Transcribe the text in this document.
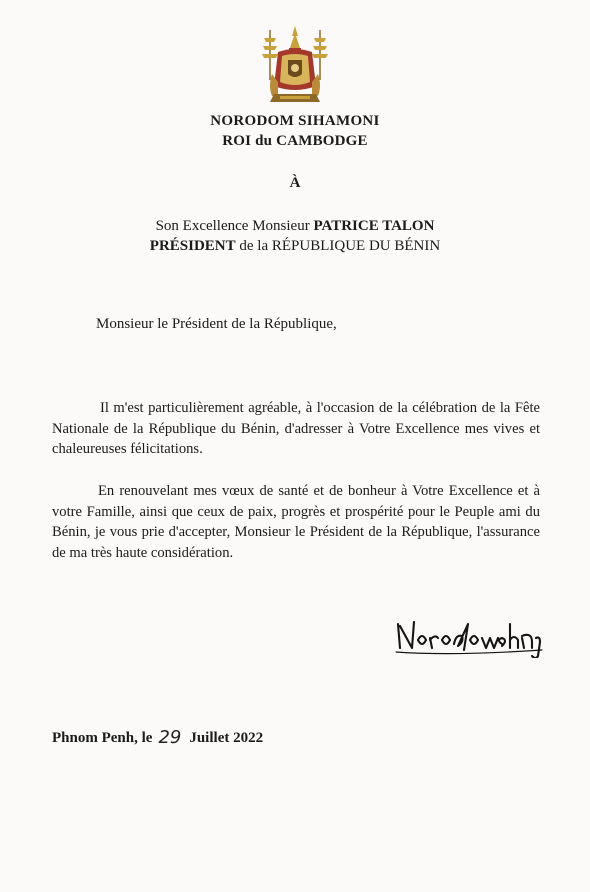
NORODOM SIHAMONI
ROI du CAMBODGE
À
Son Excellence Monsieur PATRICE TALON
PRÉSIDENT de la RÉPUBLIQUE DU BÉNIN
Monsieur le Président de la République,
Il m'est particulièrement agréable, à l'occasion de la célébration de la Fête Nationale de la République du Bénin, d'adresser à Votre Excellence mes vives et chaleureuses félicitations.
En renouvelant mes vœux de santé et de bonheur à Votre Excellence et à votre Famille, ainsi que ceux de paix, progrès et prospérité pour le Peuple ami du Bénin, je vous prie d'accepter, Monsieur le Président de la République, l'assurance de ma très haute considération.
Phnom Penh, le 29 Juillet 2022
